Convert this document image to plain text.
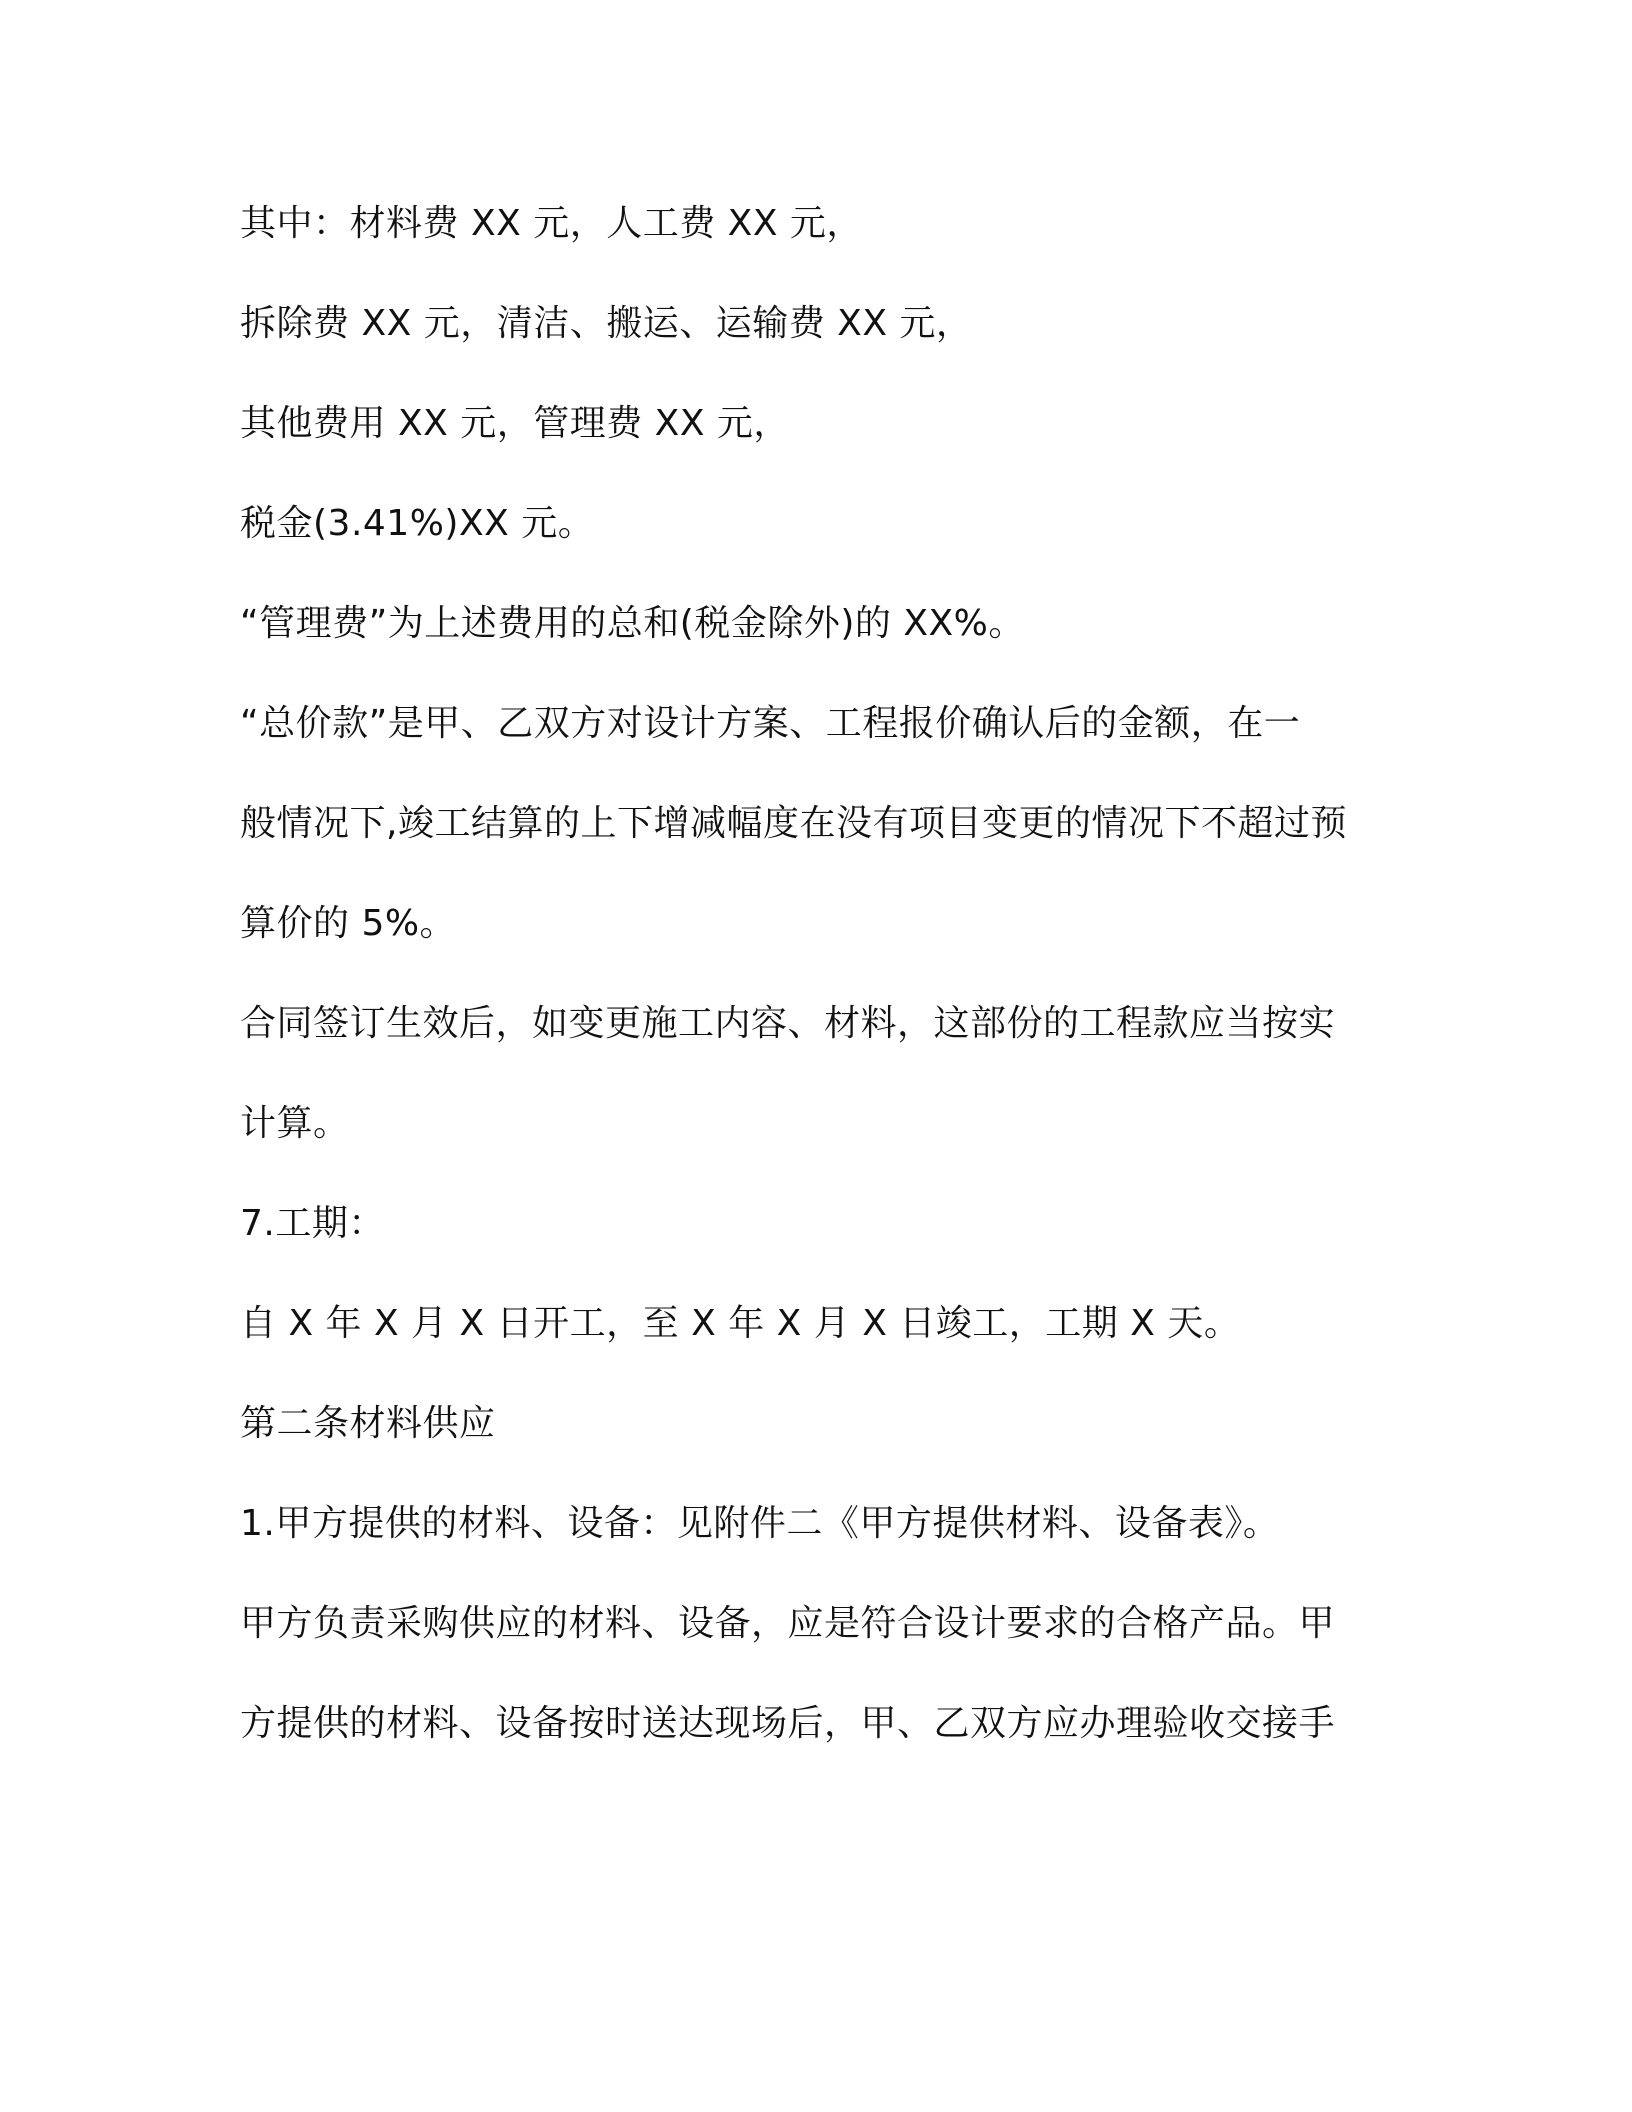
其中：材料费 XX 元，人工费 XX 元，
拆除费 XX 元，清洁、搬运、运输费 XX 元，
其他费用 XX 元，管理费 XX 元，
税金(3.41%)XX 元。
“管理费”为上述费用的总和(税金除外)的 XX%。
“总价款”是甲、乙双方对设计方案、工程报价确认后的金额，在一
般情况下,竣工结算的上下增减幅度在没有项目变更的情况下不超过预
算价的 5%。
合同签订生效后，如变更施工内容、材料，这部份的工程款应当按实
计算。
7.工期：
自 X 年 X 月 X 日开工，至 X 年 X 月 X 日竣工，工期 X 天。
第二条材料供应
1.甲方提供的材料、设备：见附件二《甲方提供材料、设备表》。
甲方负责采购供应的材料、设备，应是符合设计要求的合格产品。甲
方提供的材料、设备按时送达现场后，甲、乙双方应办理验收交接手
